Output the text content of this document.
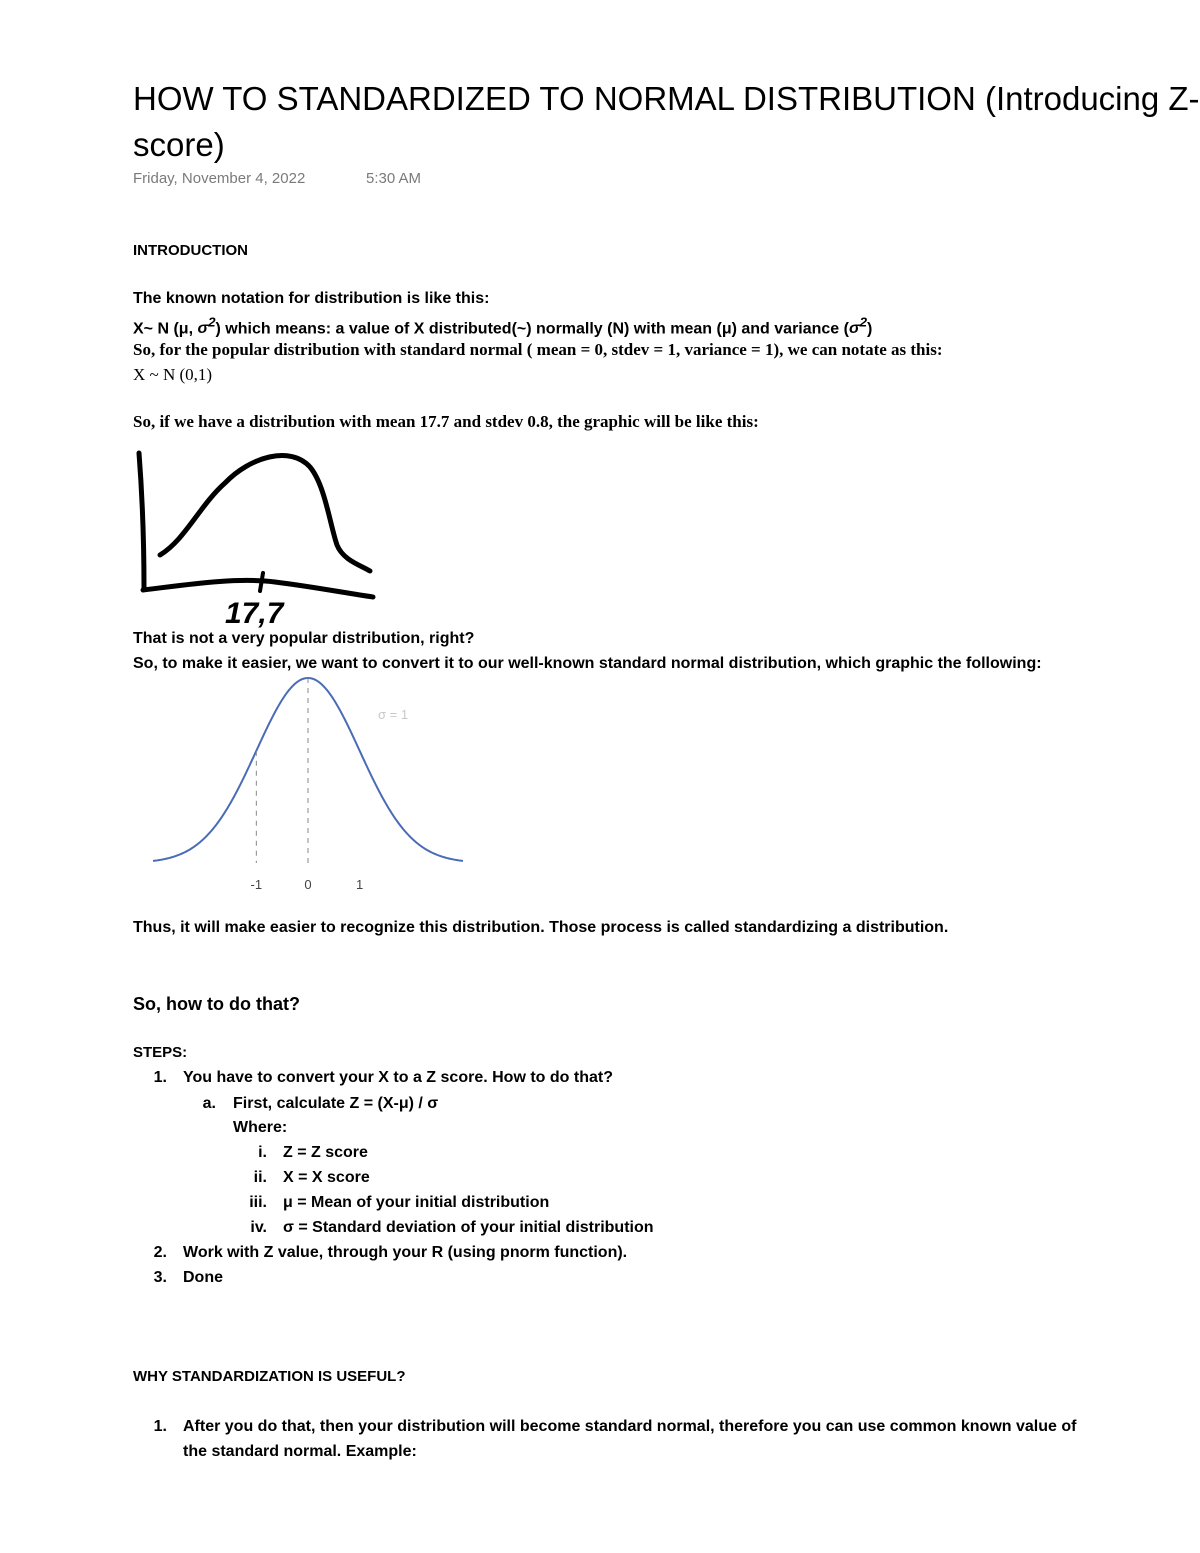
HOW TO STANDARDIZED TO NORMAL DISTRIBUTION (Introducing Z-
score)
Friday, November 4, 2022	5:30 AM
INTRODUCTION
The known notation for distribution is like this:
X~ N (μ, $\sigma^2$) which means: a value of X distributed(~) normally (N) with mean (μ) and variance $(\sigma^2)$
So, for the popular distribution with standard normal ( mean = 0, stdev = 1, variance = 1), we can notate as this:
X ~ N (0,1)
So, if we have a distribution with mean 17.7 and stdev 0.8, the graphic will be like this:
17,7
That is not a very popular distribution, right?
So, to make it easier, we want to convert it to our well-known standard normal distribution, which graphic the following:
σ = 1
-1	0	1
Thus, it will make easier to recognize this distribution. Those process is called standardizing a distribution.
So, how to do that?
STEPS:
1. You have to convert your X to a Z score. How to do that?
a. First, calculate Z = (X-μ) / σ
Where:
i. Z = Z score
ii. X = X score
iii. μ = Mean of your initial distribution
iv. σ = Standard deviation of your initial distribution
2. Work with Z value, through your R (using pnorm function).
3. Done
WHY STANDARDIZATION IS USEFUL?
1. After you do that, then your distribution will become standard normal, therefore you can use common known value of
the standard normal. Example:
